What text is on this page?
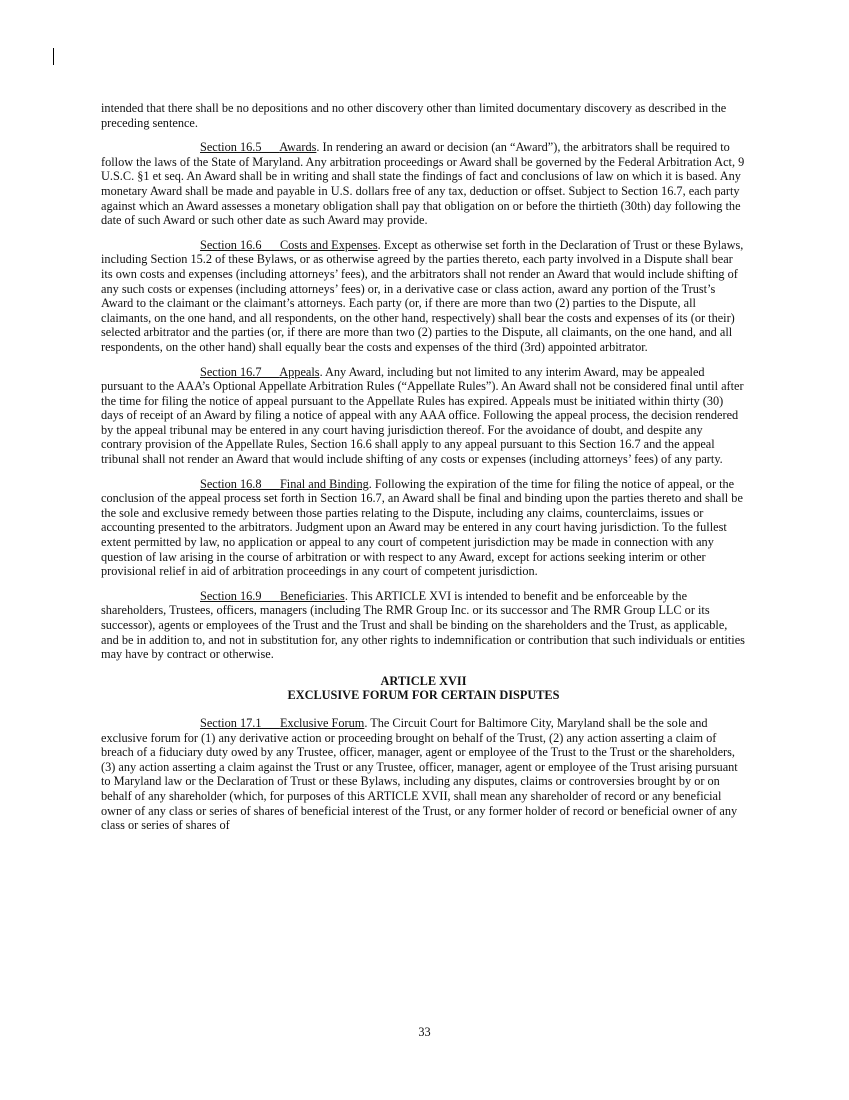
intended that there shall be no depositions and no other discovery other than limited documentary discovery as described in the preceding sentence.

Section 16.5 Awards. In rendering an award or decision (an “Award”), the arbitrators shall be required to follow the laws of the State of Maryland. Any arbitration proceedings or Award shall be governed by the Federal Arbitration Act, 9 U.S.C. §1 et seq. An Award shall be in writing and shall state the findings of fact and conclusions of law on which it is based. Any monetary Award shall be made and payable in U.S. dollars free of any tax, deduction or offset. Subject to Section 16.7, each party against which an Award assesses a monetary obligation shall pay that obligation on or before the thirtieth (30th) day following the date of such Award or such other date as such Award may provide.

Section 16.6 Costs and Expenses. Except as otherwise set forth in the Declaration of Trust or these Bylaws, including Section 15.2 of these Bylaws, or as otherwise agreed by the parties thereto, each party involved in a Dispute shall bear its own costs and expenses (including attorneys’ fees), and the arbitrators shall not render an Award that would include shifting of any such costs or expenses (including attorneys’ fees) or, in a derivative case or class action, award any portion of the Trust’s Award to the claimant or the claimant’s attorneys. Each party (or, if there are more than two (2) parties to the Dispute, all claimants, on the one hand, and all respondents, on the other hand, respectively) shall bear the costs and expenses of its (or their) selected arbitrator and the parties (or, if there are more than two (2) parties to the Dispute, all claimants, on the one hand, and all respondents, on the other hand) shall equally bear the costs and expenses of the third (3rd) appointed arbitrator.

Section 16.7 Appeals. Any Award, including but not limited to any interim Award, may be appealed pursuant to the AAA’s Optional Appellate Arbitration Rules (“Appellate Rules”). An Award shall not be considered final until after the time for filing the notice of appeal pursuant to the Appellate Rules has expired. Appeals must be initiated within thirty (30) days of receipt of an Award by filing a notice of appeal with any AAA office. Following the appeal process, the decision rendered by the appeal tribunal may be entered in any court having jurisdiction thereof. For the avoidance of doubt, and despite any contrary provision of the Appellate Rules, Section 16.6 shall apply to any appeal pursuant to this Section 16.7 and the appeal tribunal shall not render an Award that would include shifting of any costs or expenses (including attorneys’ fees) of any party.

Section 16.8 Final and Binding. Following the expiration of the time for filing the notice of appeal, or the conclusion of the appeal process set forth in Section 16.7, an Award shall be final and binding upon the parties thereto and shall be the sole and exclusive remedy between those parties relating to the Dispute, including any claims, counterclaims, issues or accounting presented to the arbitrators. Judgment upon an Award may be entered in any court having jurisdiction. To the fullest extent permitted by law, no application or appeal to any court of competent jurisdiction may be made in connection with any question of law arising in the course of arbitration or with respect to any Award, except for actions seeking interim or other provisional relief in aid of arbitration proceedings in any court of competent jurisdiction.

Section 16.9 Beneficiaries. This ARTICLE XVI is intended to benefit and be enforceable by the shareholders, Trustees, officers, managers (including The RMR Group Inc. or its successor and The RMR Group LLC or its successor), agents or employees of the Trust and the Trust and shall be binding on the shareholders and the Trust, as applicable, and be in addition to, and not in substitution for, any other rights to indemnification or contribution that such individuals or entities may have by contract or otherwise.

ARTICLE XVII
EXCLUSIVE FORUM FOR CERTAIN DISPUTES

Section 17.1 Exclusive Forum. The Circuit Court for Baltimore City, Maryland shall be the sole and exclusive forum for (1) any derivative action or proceeding brought on behalf of the Trust, (2) any action asserting a claim of breach of a fiduciary duty owed by any Trustee, officer, manager, agent or employee of the Trust to the Trust or the shareholders, (3) any action asserting a claim against the Trust or any Trustee, officer, manager, agent or employee of the Trust arising pursuant to Maryland law or the Declaration of Trust or these Bylaws, including any disputes, claims or controversies brought by or on behalf of any shareholder (which, for purposes of this ARTICLE XVII, shall mean any shareholder of record or any beneficial owner of any class or series of shares of beneficial interest of the Trust, or any former holder of record or beneficial owner of any class or series of shares of

33
